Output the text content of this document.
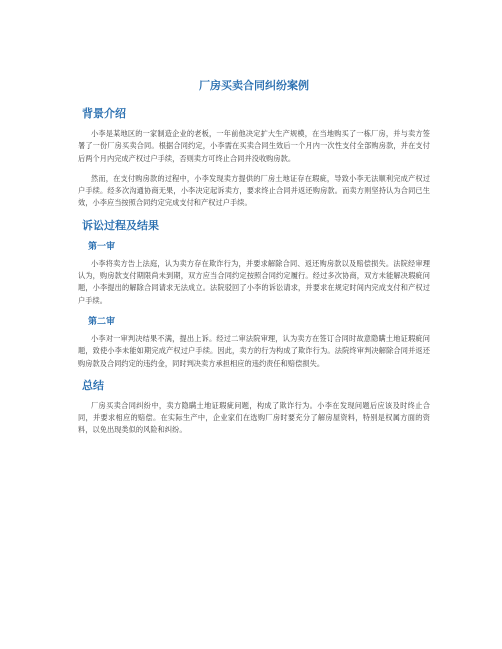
厂房买卖合同纠纷案例
背景介绍

小李是某地区的一家制造企业的老板，一年前他决定扩大生产规模，在当地购买了一栋厂房，并与卖方签署了一份厂房买卖合同。根据合同约定，小李需在买卖合同生效后一个月内一次性支付全部购房款，并在支付后两个月内完成产权过户手续，否则卖方可终止合同并没收购房款。

然而，在支付购房款的过程中，小李发现卖方提供的厂房土地证存在瑕疵，导致小李无法顺利完成产权过户手续。经多次沟通协商无果，小李决定起诉卖方，要求终止合同并返还购房款。而卖方则坚持认为合同已生效，小李应当按照合同约定完成支付和产权过户手续。

诉讼过程及结果
第一审

小李将卖方告上法庭，认为卖方存在欺诈行为，并要求解除合同、返还购房款以及赔偿损失。法院经审理认为，购房款支付期限尚未到期，双方应当合同约定按照合同约定履行。经过多次协商，双方未能解决瑕疵问题，小李提出的解除合同请求无法成立。法院驳回了小李的诉讼请求，并要求在规定时间内完成支付和产权过户手续。

第二审

小李对一审判决结果不满，提出上诉。经过二审法院审理，认为卖方在签订合同时故意隐瞒土地证瑕疵问题，致使小李未能如期完成产权过户手续。因此，卖方的行为构成了欺诈行为。法院终审判决解除合同并返还购房款及合同约定的违约金，同时判决卖方承担相应的违约责任和赔偿损失。

总结

厂房买卖合同纠纷中，卖方隐瞒土地证瑕疵问题，构成了欺诈行为。小李在发现问题后应该及时终止合同，并要求相应的赔偿。在实际生产中，企业家们在选购厂房时要充分了解房屋资料，特别是权属方面的资料，以免出现类似的风险和纠纷。
